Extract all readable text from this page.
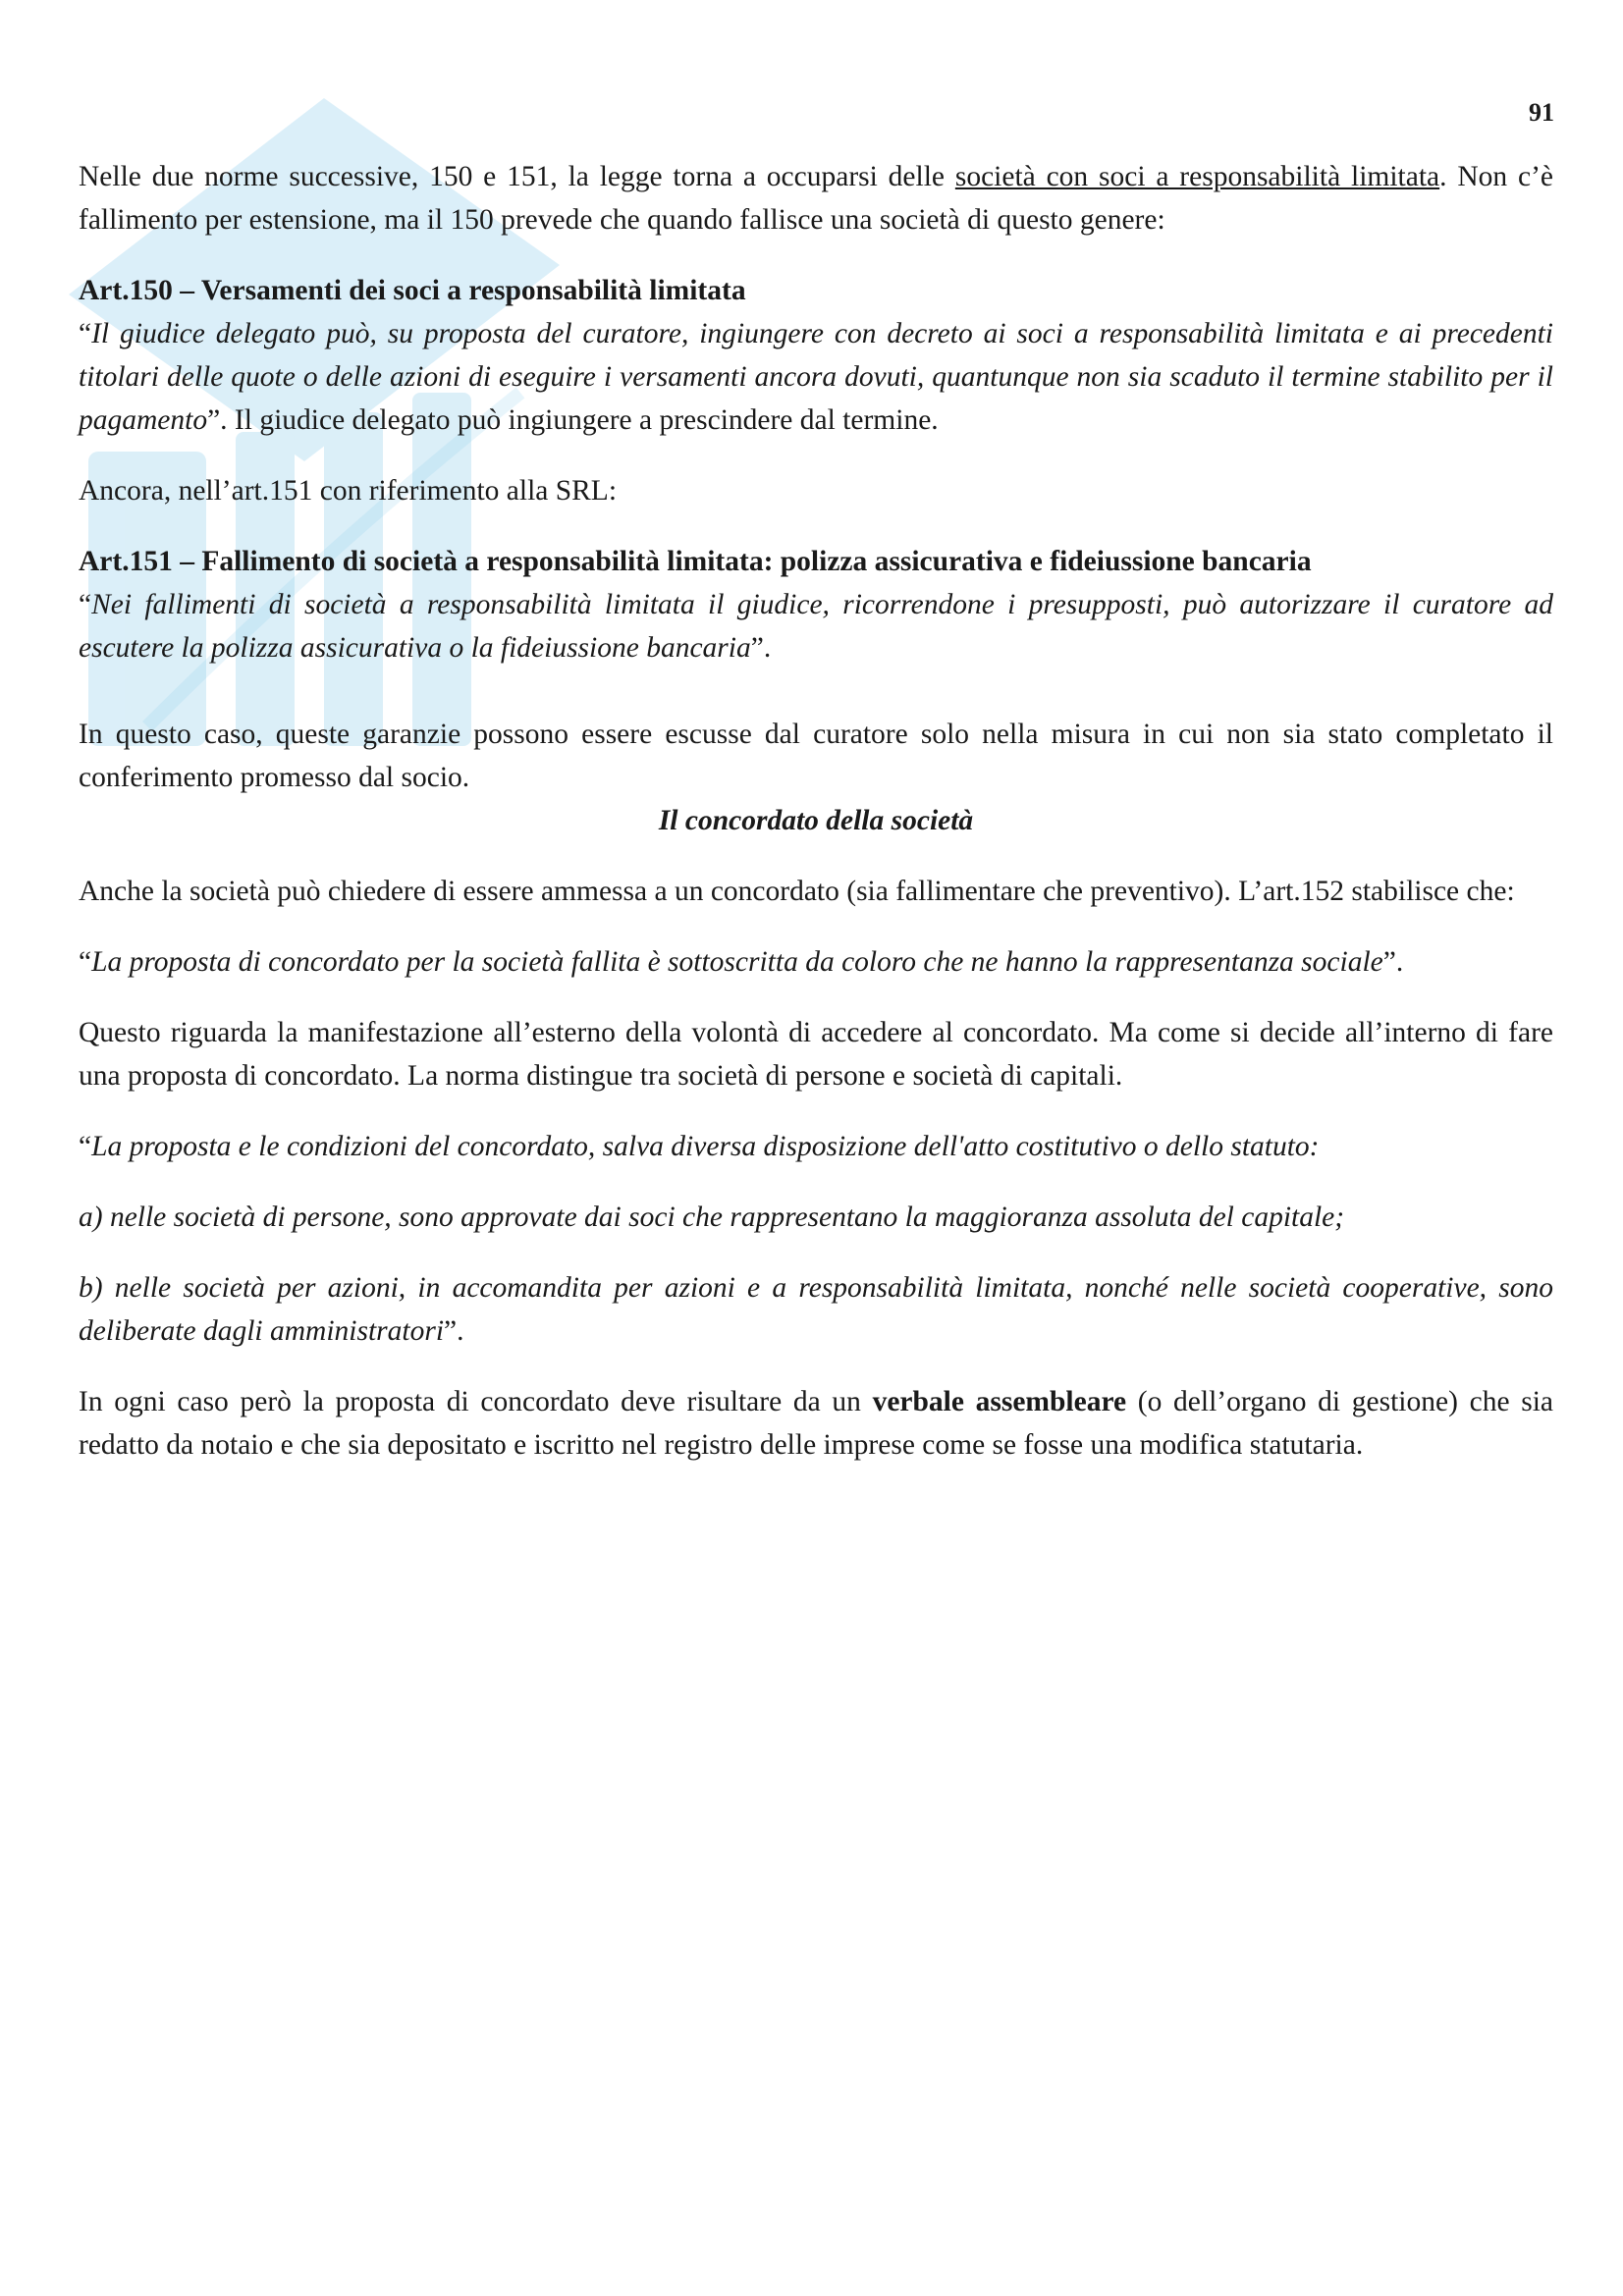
91

Nelle due norme successive, 150 e 151, la legge torna a occuparsi delle società con soci a responsabilità limitata. Non c’è fallimento per estensione, ma il 150 prevede che quando fallisce una società di questo genere:

Art.150 – Versamenti dei soci a responsabilità limitata

“Il giudice delegato può, su proposta del curatore, ingiungere con decreto ai soci a responsabilità limitata e ai precedenti titolari delle quote o delle azioni di eseguire i versamenti ancora dovuti, quantunque non sia scaduto il termine stabilito per il pagamento”. Il giudice delegato può ingiungere a prescindere dal termine.

Ancora, nell’art.151 con riferimento alla SRL:

Art.151 – Fallimento di società a responsabilità limitata: polizza assicurativa e fideiussione bancaria

“Nei fallimenti di società a responsabilità limitata il giudice, ricorrendone i presupposti, può autorizzare il curatore ad escutere la polizza assicurativa o la fideiussione bancaria”.

In questo caso, queste garanzie possono essere escusse dal curatore solo nella misura in cui non sia stato completato il conferimento promesso dal socio.

Il concordato della società

Anche la società può chiedere di essere ammessa a un concordato (sia fallimentare che preventivo). L’art.152 stabilisce che:

“La proposta di concordato per la società fallita è sottoscritta da coloro che ne hanno la rappresentanza sociale”.

Questo riguarda la manifestazione all’esterno della volontà di accedere al concordato. Ma come si decide all’interno di fare una proposta di concordato. La norma distingue tra società di persone e società di capitali.

“La proposta e le condizioni del concordato, salva diversa disposizione dell'atto costitutivo o dello statuto:

a) nelle società di persone, sono approvate dai soci che rappresentano la maggioranza assoluta del capitale;

b) nelle società per azioni, in accomandita per azioni e a responsabilità limitata, nonché nelle società cooperative, sono deliberate dagli amministratori”.

In ogni caso però la proposta di concordato deve risultare da un verbale assembleare (o dell’organo di gestione) che sia redatto da notaio e che sia depositato e iscritto nel registro delle imprese come se fosse una modifica statutaria.
